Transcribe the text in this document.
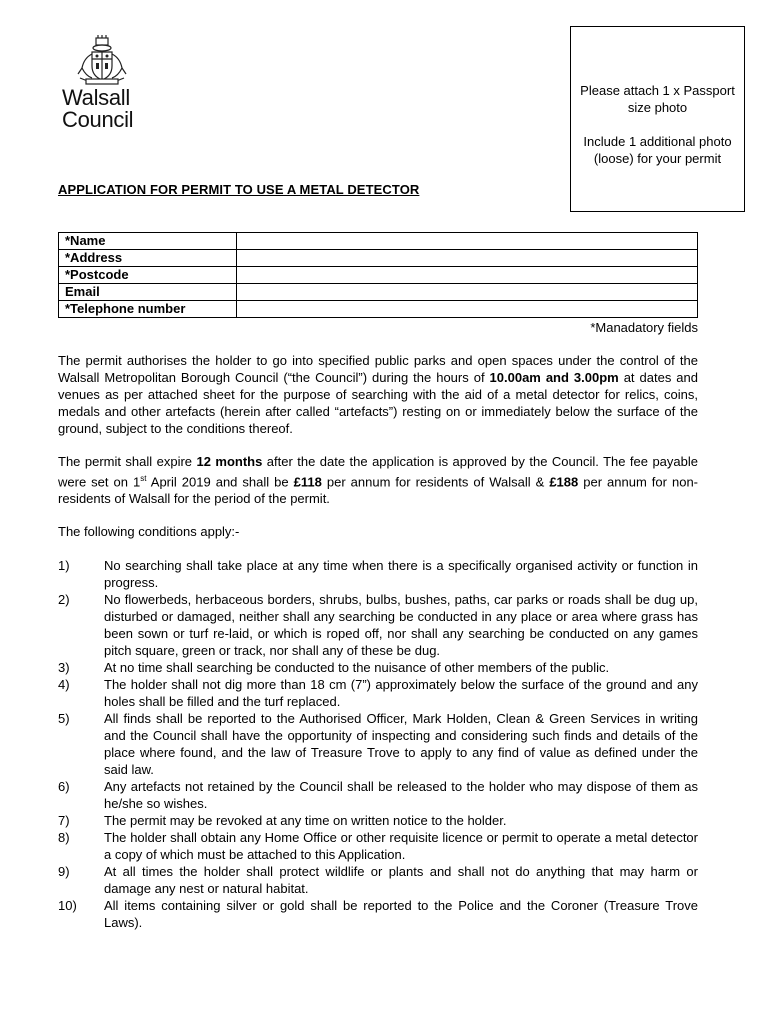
Walsall
Council

Please attach 1 x Passport size photo

Include 1 additional photo (loose) for your permit

APPLICATION FOR PERMIT TO USE A METAL DETECTOR
*Name	
*Address	
*Postcode	
Email	
*Telephone number	
*Manadatory fields

The permit authorises the holder to go into specified public parks and open spaces under the control of the Walsall Metropolitan Borough Council (“the Council”) during the hours of 10.00am and 3.00pm at dates and venues as per attached sheet for the purpose of searching with the aid of a metal detector for relics, coins, medals and other artefacts (herein after called “artefacts”) resting on or immediately below the surface of the ground, subject to the conditions thereof.

The permit shall expire 12 months after the date the application is approved by the Council. The fee payable were set on 1st April 2019 and shall be £118 per annum for residents of Walsall & £188 per annum for non-residents of Walsall for the period of the permit.

The following conditions apply:-

1)	No searching shall take place at any time when there is a specifically organised activity or function in progress.
2)	No flowerbeds, herbaceous borders, shrubs, bulbs, bushes, paths, car parks or roads shall be dug up, disturbed or damaged, neither shall any searching be conducted in any place or area where grass has been sown or turf re-laid, or which is roped off, nor shall any searching be conducted on any games pitch square, green or track, nor shall any of these be dug.
3)	At no time shall searching be conducted to the nuisance of other members of the public.
4)	The holder shall not dig more than 18 cm (7”) approximately below the surface of the ground and any holes shall be filled and the turf replaced.
5)	All finds shall be reported to the Authorised Officer, Mark Holden, Clean & Green Services in writing and the Council shall have the opportunity of inspecting and considering such finds and details of the place where found, and the law of Treasure Trove to apply to any find of value as defined under the said law.
6)	Any artefacts not retained by the Council shall be released to the holder who may dispose of them as he/she so wishes.
7)	The permit may be revoked at any time on written notice to the holder.
8)	The holder shall obtain any Home Office or other requisite licence or permit to operate a metal detector a copy of which must be attached to this Application.
9)	At all times the holder shall protect wildlife or plants and shall not do anything that may harm or damage any nest or natural habitat.
10) All items containing silver or gold shall be reported to the Police and the Coroner (Treasure Trove Laws).
